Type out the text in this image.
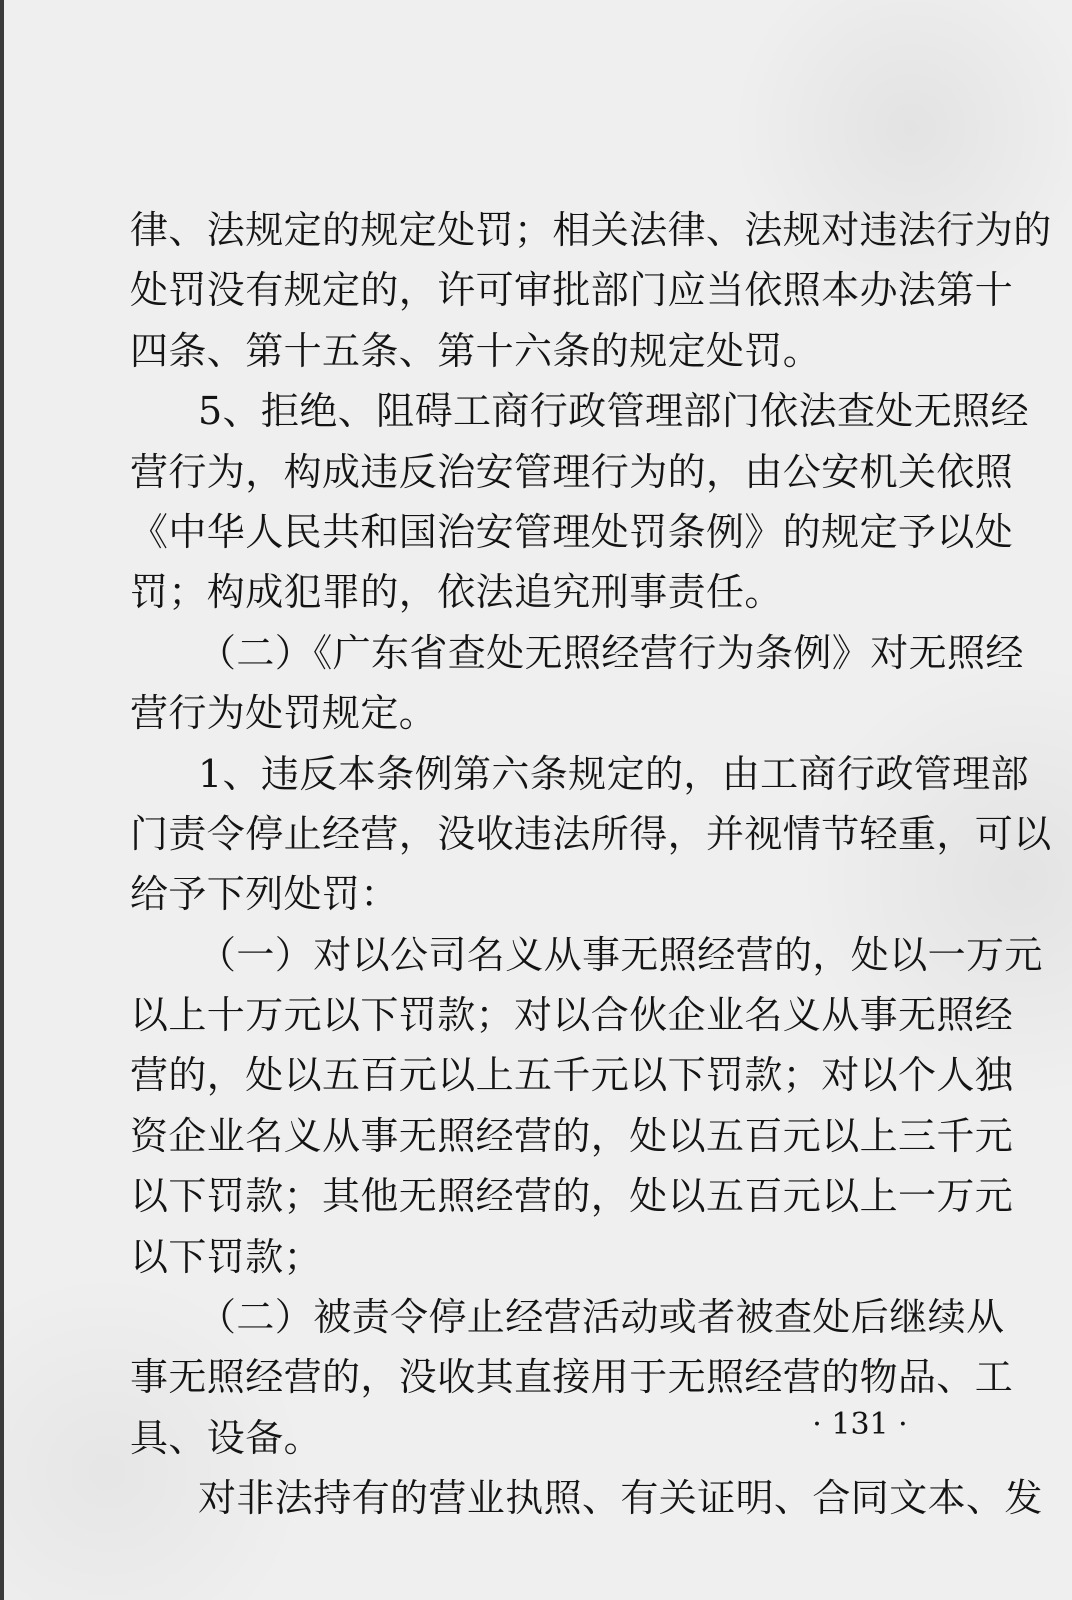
律、法规定的规定处罚；相关法律、法规对违法行为的
处罚没有规定的，许可审批部门应当依照本办法第十
四条、第十五条、第十六条的规定处罚。
5、拒绝、阻碍工商行政管理部门依法查处无照经
营行为，构成违反治安管理行为的，由公安机关依照
《中华人民共和国治安管理处罚条例》的规定予以处
罚；构成犯罪的，依法追究刑事责任。
（二）《广东省查处无照经营行为条例》对无照经
营行为处罚规定。
1、违反本条例第六条规定的，由工商行政管理部
门责令停止经营，没收违法所得，并视情节轻重，可以
给予下列处罚：
（一）对以公司名义从事无照经营的，处以一万元
以上十万元以下罚款；对以合伙企业名义从事无照经
营的，处以五百元以上五千元以下罚款；对以个人独
资企业名义从事无照经营的，处以五百元以上三千元
以下罚款；其他无照经营的，处以五百元以上一万元
以下罚款；
（二）被责令停止经营活动或者被查处后继续从
事无照经营的，没收其直接用于无照经营的物品、工
具、设备。
对非法持有的营业执照、有关证明、合同文本、发
· 131 ·
